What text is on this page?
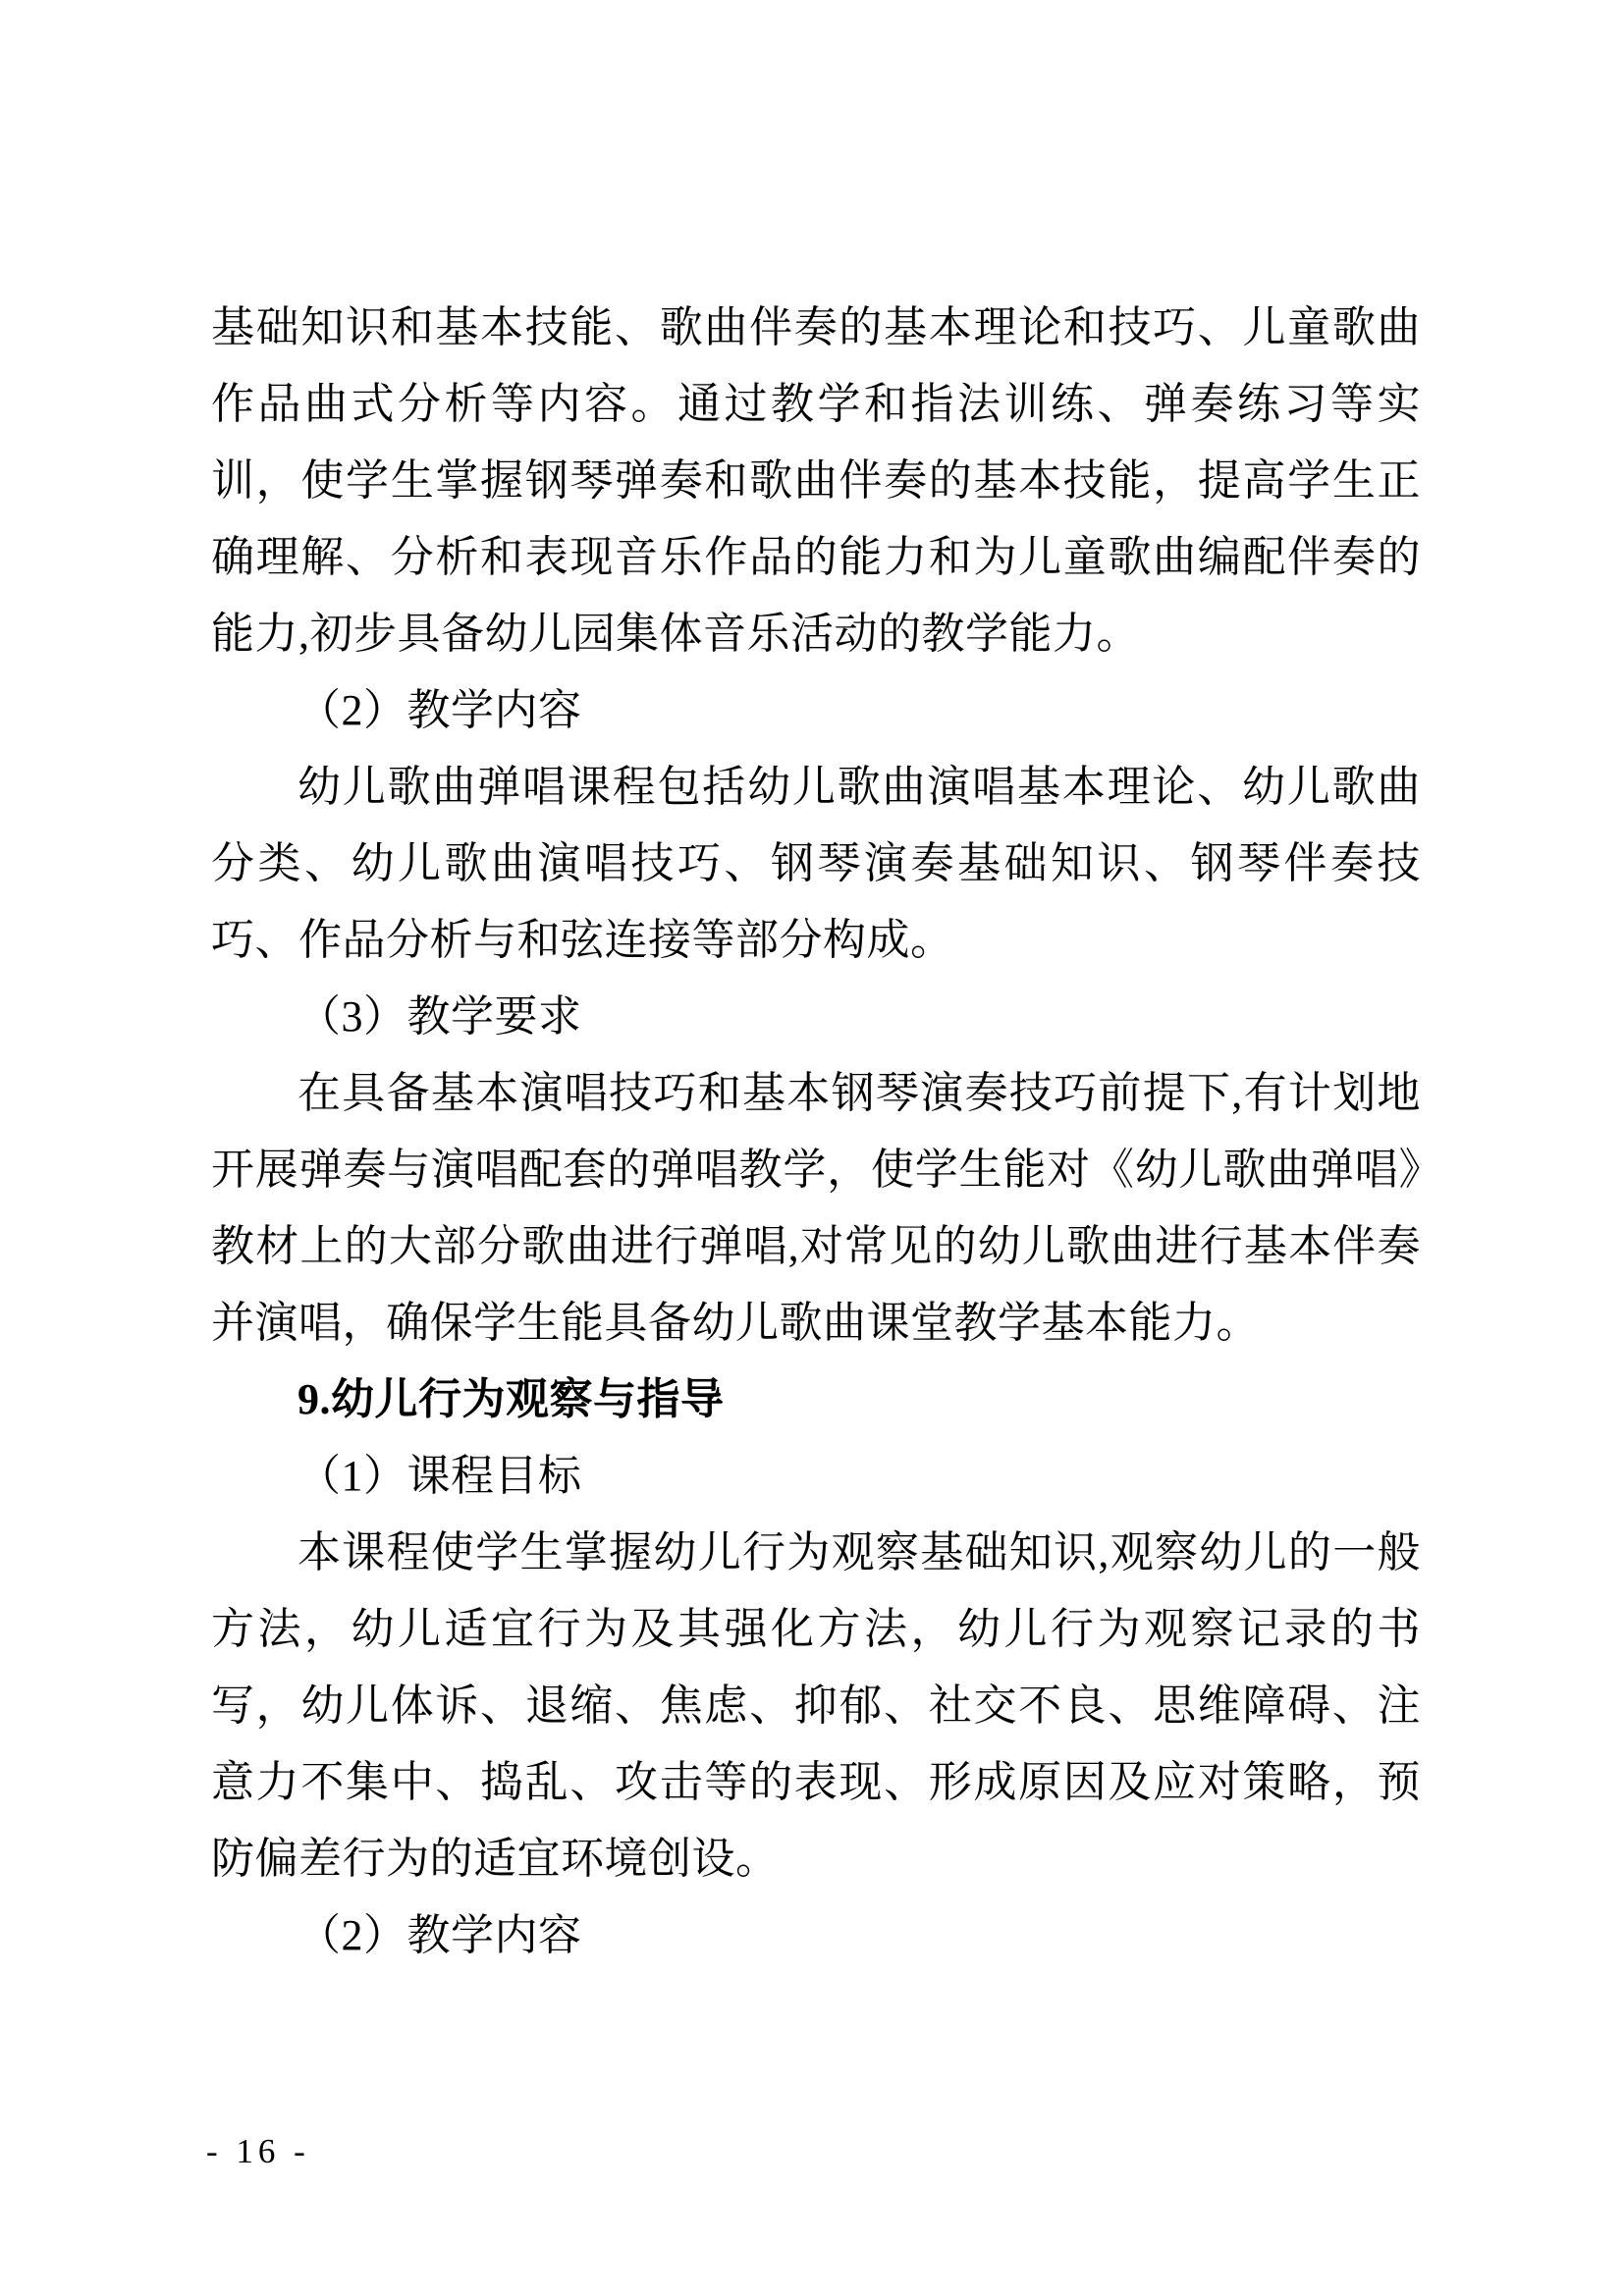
基础知识和基本技能、歌曲伴奏的基本理论和技巧、儿童歌曲作品曲式分析等内容。通过教学和指法训练、弹奏练习等实训，使学生掌握钢琴弹奏和歌曲伴奏的基本技能，提高学生正确理解、分析和表现音乐作品的能力和为儿童歌曲编配伴奏的能力,初步具备幼儿园集体音乐活动的教学能力。

（2）教学内容

幼儿歌曲弹唱课程包括幼儿歌曲演唱基本理论、幼儿歌曲分类、幼儿歌曲演唱技巧、钢琴演奏基础知识、钢琴伴奏技巧、作品分析与和弦连接等部分构成。

（3）教学要求

在具备基本演唱技巧和基本钢琴演奏技巧前提下,有计划地开展弹奏与演唱配套的弹唱教学，使学生能对《幼儿歌曲弹唱》教材上的大部分歌曲进行弹唱,对常见的幼儿歌曲进行基本伴奏并演唱，确保学生能具备幼儿歌曲课堂教学基本能力。

9.幼儿行为观察与指导

（1）课程目标

本课程使学生掌握幼儿行为观察基础知识,观察幼儿的一般方法，幼儿适宜行为及其强化方法，幼儿行为观察记录的书写，幼儿体诉、退缩、焦虑、抑郁、社交不良、思维障碍、注意力不集中、捣乱、攻击等的表现、形成原因及应对策略，预防偏差行为的适宜环境创设。

（2）教学内容

- 16 -
